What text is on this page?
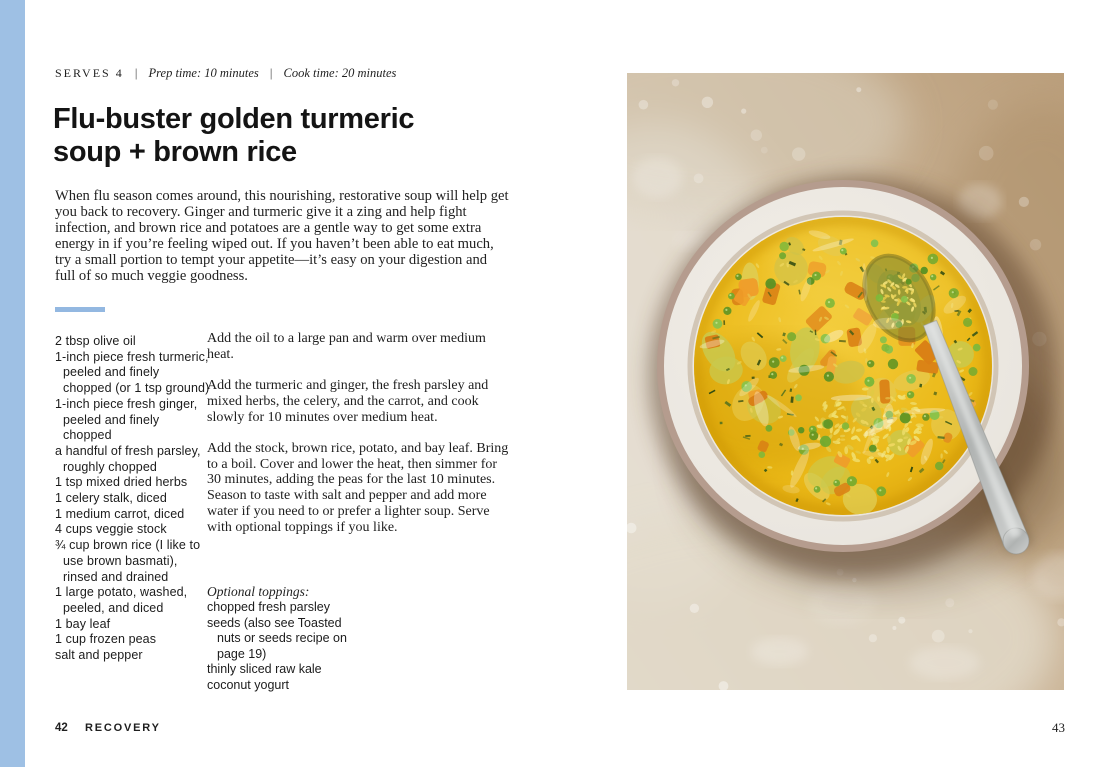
SERVES 4 | Prep time: 10 minutes | Cook time: 20 minutes
Flu-buster golden turmeric
soup + brown rice

When flu season comes around, this nourishing, restorative soup will help get you back to recovery. Ginger and turmeric give it a zing and help fight infection, and brown rice and potatoes are a gentle way to get some extra energy in if you’re feeling wiped out. If you haven’t been able to eat much, try a small portion to tempt your appetite—it’s easy on your digestion and full of so much veggie goodness.

2 tbsp olive oil
1-inch piece fresh turmeric, peeled and finely chopped (or 1 tsp ground)
1-inch piece fresh ginger, peeled and finely chopped
a handful of fresh parsley, roughly chopped
1 tsp mixed dried herbs
1 celery stalk, diced
1 medium carrot, diced
4 cups veggie stock
¾ cup brown rice (I like to use brown basmati), rinsed and drained
1 large potato, washed, peeled, and diced
1 bay leaf
1 cup frozen peas
salt and pepper

Add the oil to a large pan and warm over medium heat.

Add the turmeric and ginger, the fresh parsley and mixed herbs, the celery, and the carrot, and cook slowly for 10 minutes over medium heat.

Add the stock, brown rice, potato, and bay leaf. Bring to a boil. Cover and lower the heat, then simmer for 30 minutes, adding the peas for the last 10 minutes. Season to taste with salt and pepper and add more water if you need to or prefer a lighter soup. Serve with optional toppings if you like.

Optional toppings:
chopped fresh parsley
seeds (also see Toasted nuts or seeds recipe on page 19)
thinly sliced raw kale
coconut yogurt
42 RECOVERY	43
